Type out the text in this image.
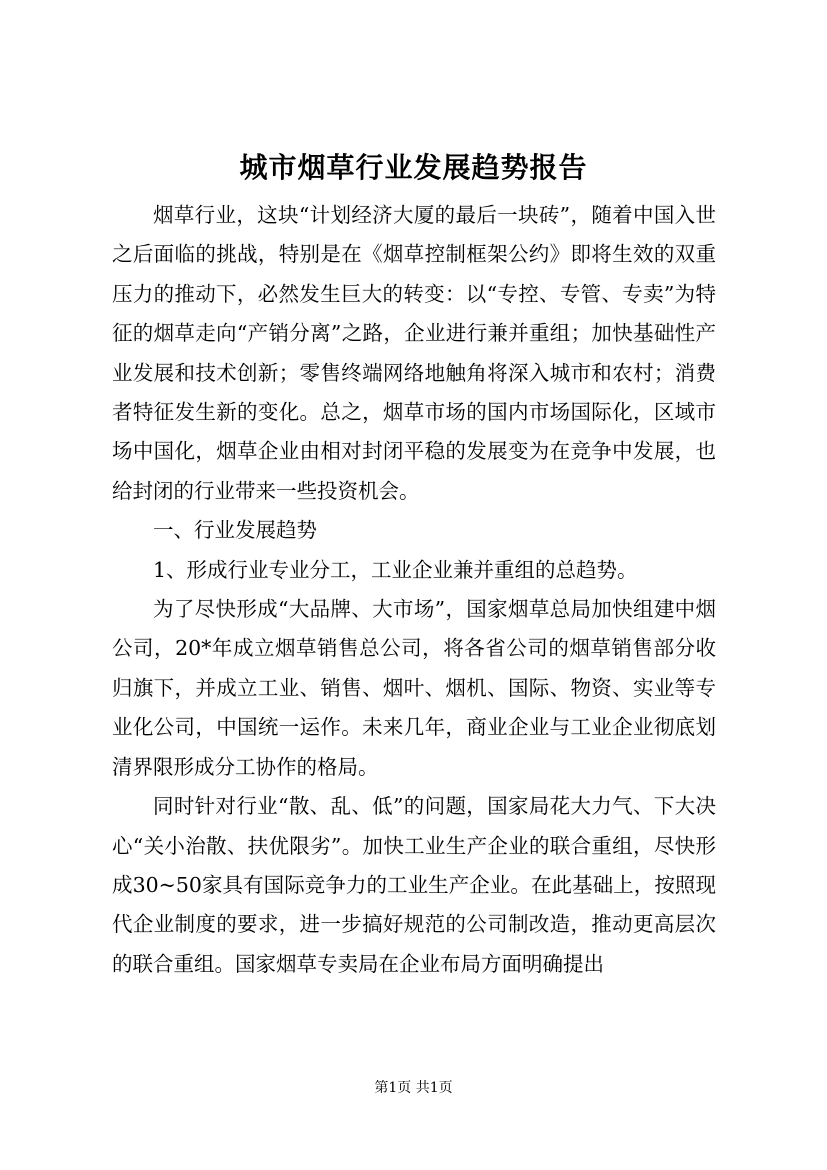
城市烟草行业发展趋势报告

烟草行业，这块“计划经济大厦的最后一块砖”，随着中国入世之后面临的挑战，特别是在《烟草控制框架公约》即将生效的双重压力的推动下，必然发生巨大的转变：以“专控、专管、专卖”为特征的烟草走向“产销分离”之路，企业进行兼并重组；加快基础性产业发展和技术创新；零售终端网络地触角将深入城市和农村；消费者特征发生新的变化。总之，烟草市场的国内市场国际化，区域市场中国化，烟草企业由相对封闭平稳的发展变为在竞争中发展，也给封闭的行业带来一些投资机会。

一、行业发展趋势

1、形成行业专业分工，工业企业兼并重组的总趋势。

为了尽快形成“大品牌、大市场”，国家烟草总局加快组建中烟公司，20*年成立烟草销售总公司，将各省公司的烟草销售部分收归旗下，并成立工业、销售、烟叶、烟机、国际、物资、实业等专业化公司，中国统一运作。未来几年，商业企业与工业企业彻底划清界限形成分工协作的格局。

同时针对行业“散、乱、低”的问题，国家局花大力气、下大决心“关小治散、扶优限劣”。加快工业生产企业的联合重组，尽快形成30~50家具有国际竞争力的工业生产企业。在此基础上，按照现代企业制度的要求，进一步搞好规范的公司制改造，推动更高层次的联合重组。国家烟草专卖局在企业布局方面明确提出

第1页 共1页
